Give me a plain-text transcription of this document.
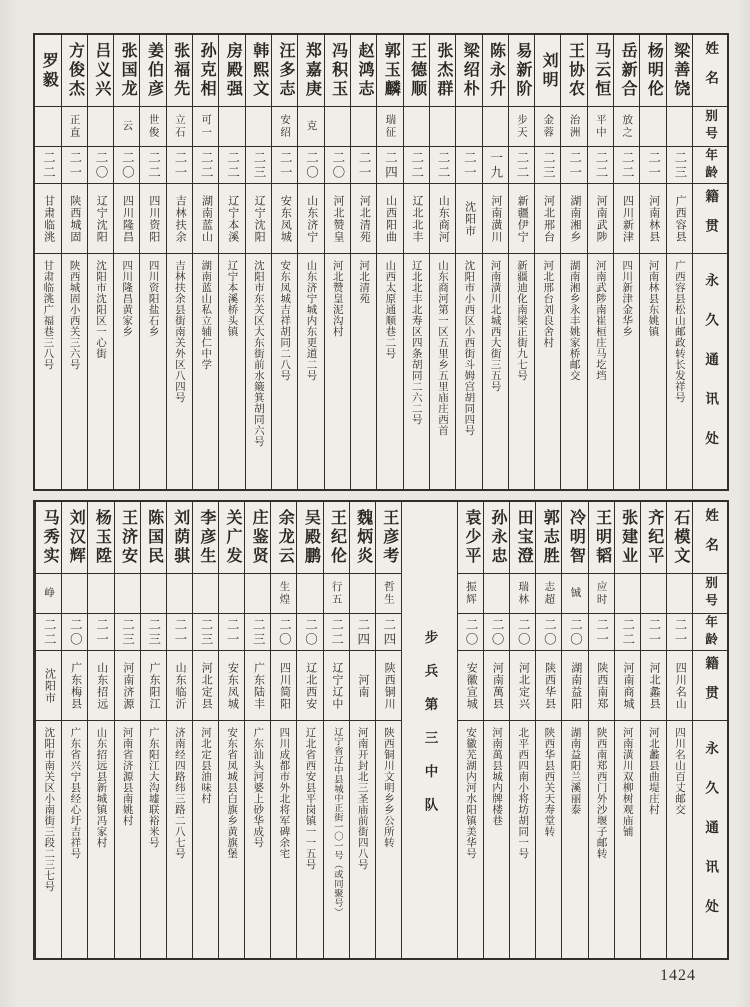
姓名
别号
年龄
籍贯
永久通讯处
梁善饶
二三
广西容县
广西容县松山邮政转长发祥号
杨明伦
二一
河南林县
河南林县东姚镇
岳新合
放之
二二
四川新津
四川新津金华乡
马云恒
平中
二二
河南武陟
河南武陟南崔桓庄马圪垱
王协农
治洲
二一
湖南湘乡
湖南湘乡永丰姚家桥邮交
刘明
金蓉
二三
河北邢台
河北邢台刘良舍村
易新阶
步天
二二
新疆伊宁
新疆迪化南梁正街九七号
陈永升
一九
河南潢川
河南潢川北城西大街三五号
梁绍朴
二一
沈阳市
沈阳市小西区小西街斗姆宫胡同四号
张杰群
二二
山东商河
山东商河第一区五里乡五里庙庄西首
王德顺
二二
辽北北丰
辽北北丰北寿区四条胡同二六二号
郭玉麟
瑞征
二四
山西阳曲
山西太原通顺巷二号
赵鸿志
二一
河北清苑
河北清苑
冯积玉
二〇
河北赞皇
河北赞皇泥沟村
郑嘉庚
克
二〇
山东济宁
山东济宁城内东更道二号
汪多志
安绍
二一
安东凤城
安东凤城吉祥胡同二八号
韩熙文
二三
辽宁沈阳
沈阳市东关区大东街前水簸箕胡同六号
房殿强
二二
辽宁本溪
辽宁本溪桥头镇
孙克相
可一
二二
湖南蓝山
湖南蓝山私立辅仁中学
张福先
立石
二一
吉林扶余
吉林扶余县街南关外区八四号
姜伯彦
世俊
二二
四川资阳
四川资阳盐石乡
张国龙
云
二〇
四川隆昌
四川隆昌黄家乡
吕义兴
二〇
辽宁沈阳
沈阳市沈阳区一心街
方俊杰
正直
二一
陕西城固
陕西城固小西关三六号
罗毅
二二
甘肃临洮
甘肃临洮广福巷三八号
姓名
别号
年龄
籍贯
永久通讯处
石模文
二一
四川名山
四川名山百丈邮交
齐纪平
二一
河北蠡县
河北蠡县曲堤庄村
张建业
二二
河南商城
河南潢川双柳树观庙铺
王明韬
应时
二一
陕西南郑
陕西南郑西门外沙堰子邮转
冷明智
铖
二〇
湖南益阳
湖南益阳兰溪丽泰
郭志胜
志超
二〇
陕西华县
陕西华县西关天寿堂转
田宝澄
瑞林
二〇
河北定兴
北平西四南小将坊胡同一号
孙永忠
二〇
河南萬县
河南萬县城内牌楼巷
袁少平
振辉
二〇
安徽宣城
安徽芜湖内河水阳镇美华号
步兵第三中队
王彦考
哲生
二四
陕西铜川
陕西铜川文明乡乡公所转
魏炳炎
二四
河南
河南开封北三圣庙前街四八号
王纪伦
行五
二二
辽宁辽中
辽宁省辽中县城中正街一〇一号（或同聚号）
吴殿鹏
二〇
辽北西安
辽北省西安县平岗镇一一五号
余龙云
生煌
二〇
四川简阳
四川成都市外北将军碑余宅
庄鉴贤
二三
广东陆丰
广东汕头河婆上砂华成号
关广发
二一
安东凤城
安东省凤城县白旗乡黄旗堡
李彦生
二三
河北定县
河北定县油味村
刘荫骐
二一
山东临沂
济南经四路纬三路二八七号
陈国民
二三
广东阳江
广东阳江大沟墟联裕米号
王济安
二三
河南济源
河南省济源县南姚村
杨玉陞
二一
山东招远
山东招远县新城镇冯家村
刘汉辉
二〇
广东梅县
广东省兴宁县经心圩吉祥号
马秀实
峥
二二
沈阳市
沈阳市南关区小南街三段二三七号
1424
